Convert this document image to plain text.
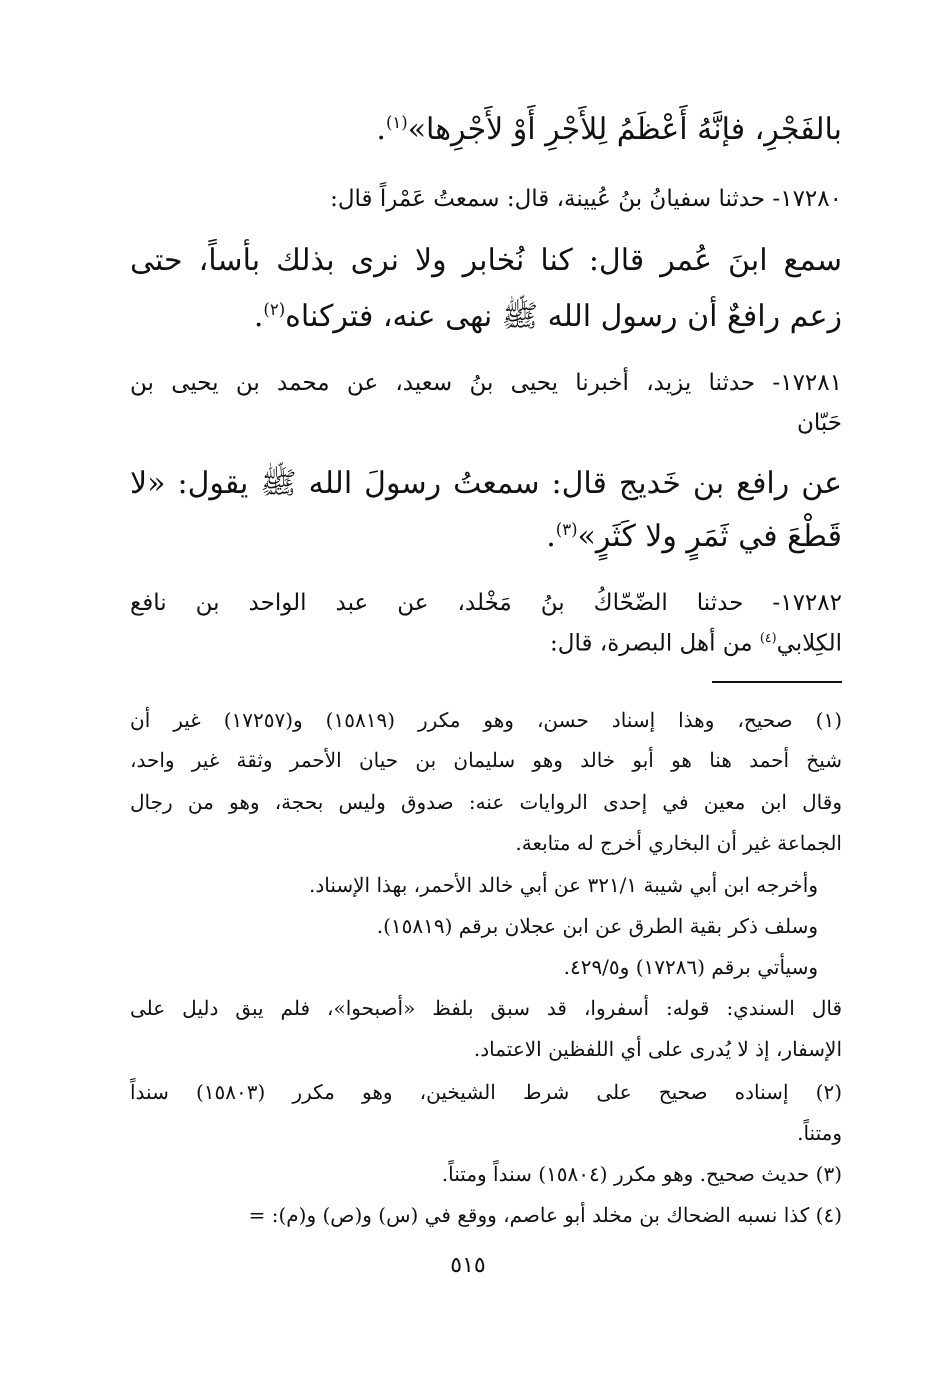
بالفَجْرِ، فإنَّهُ أَعْظَمُ لِلأَجْرِ أَوْ لأَجْرِها»$^{(١)}$.
١٧٢٨٠- حدثنا سفيانُ بنُ عُيينة، قال: سمعتُ عَمْراً قال:
سمع ابنَ عُمر قال: كنا نُخابر ولا نرى بذلك بأساً، حتى
زعم رافعٌ أن رسول الله ﷺ نهى عنه، فتركناه$^{(٢)}$.
١٧٢٨١- حدثنا يزيد، أخبرنا يحيى بنُ سعيد، عن محمد بن يحيى بن
حَبّان
عن رافع بن خَديج قال: سمعتُ رسولَ الله ﷺ يقول: «لا
قَطْعَ في ثَمَرٍ ولا كَثَرٍ»$^{(٣)}$.
١٧٢٨٢- حدثنا الضّحّاكُ بنُ مَخْلد، عن عبد الواحد بن نافع
الكِلابي$^{(٤)}$ من أهل البصرة، قال:
(١) صحيح، وهذا إسناد حسن، وهو مكرر (١٥٨١٩) و(١٧٢٥٧) غير أن
شيخ أحمد هنا هو أبو خالد وهو سليمان بن حيان الأحمر وثقة غير واحد،
وقال ابن معين في إحدى الروايات عنه: صدوق وليس بحجة، وهو من رجال
الجماعة غير أن البخاري أخرج له متابعة.
وأخرجه ابن أبي شيبة ٣٢١/١ عن أبي خالد الأحمر، بهذا الإسناد.
وسلف ذكر بقية الطرق عن ابن عجلان برقم (١٥٨١٩).
وسيأتي برقم (١٧٢٨٦) و٤٢٩/٥.
قال السندي: قوله: أسفروا، قد سبق بلفظ «أصبحوا»، فلم يبق دليل على
الإسفار، إذ لا يُدرى على أي اللفظين الاعتماد.
(٢) إسناده صحيح على شرط الشيخين، وهو مكرر (١٥٨٠٣) سنداً
ومتناً.
(٣) حديث صحيح. وهو مكرر (١٥٨٠٤) سنداً ومتناً.
(٤) كذا نسبه الضحاك بن مخلد أبو عاصم، ووقع في (س) و(ص) و(م): =
٥١٥
